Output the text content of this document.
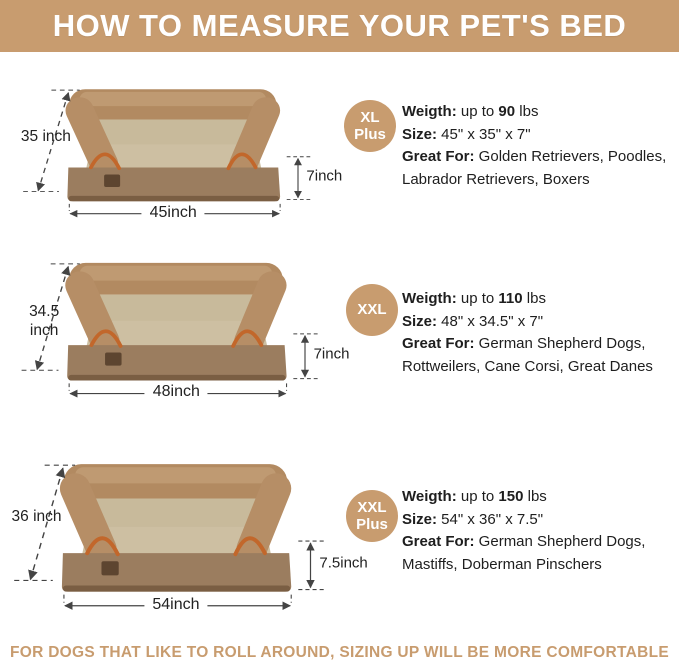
HOW TO MEASURE YOUR PET'S BED
35 inch
45inch
7inch
XL
Plus

Weigth: up to 90 lbs

Size: 45" x 35" x 7"

Great For: Golden Retrievers, Poodles, Labrador Retrievers, Boxers

34.5 inch
48inch
7inch
XXL

Weigth: up to 110 lbs

Size: 48" x 34.5" x 7"

Great For: German Shepherd Dogs, Rottweilers, Cane Corsi, Great Danes

36 inch
54inch
7.5inch
XXL
Plus

Weigth: up to 150 lbs

Size: 54" x 36" x 7.5"

Great For: German Shepherd Dogs, Mastiffs, Doberman Pinschers

FOR DOGS THAT LIKE TO ROLL AROUND, SIZING UP WILL BE MORE COMFORTABLE
